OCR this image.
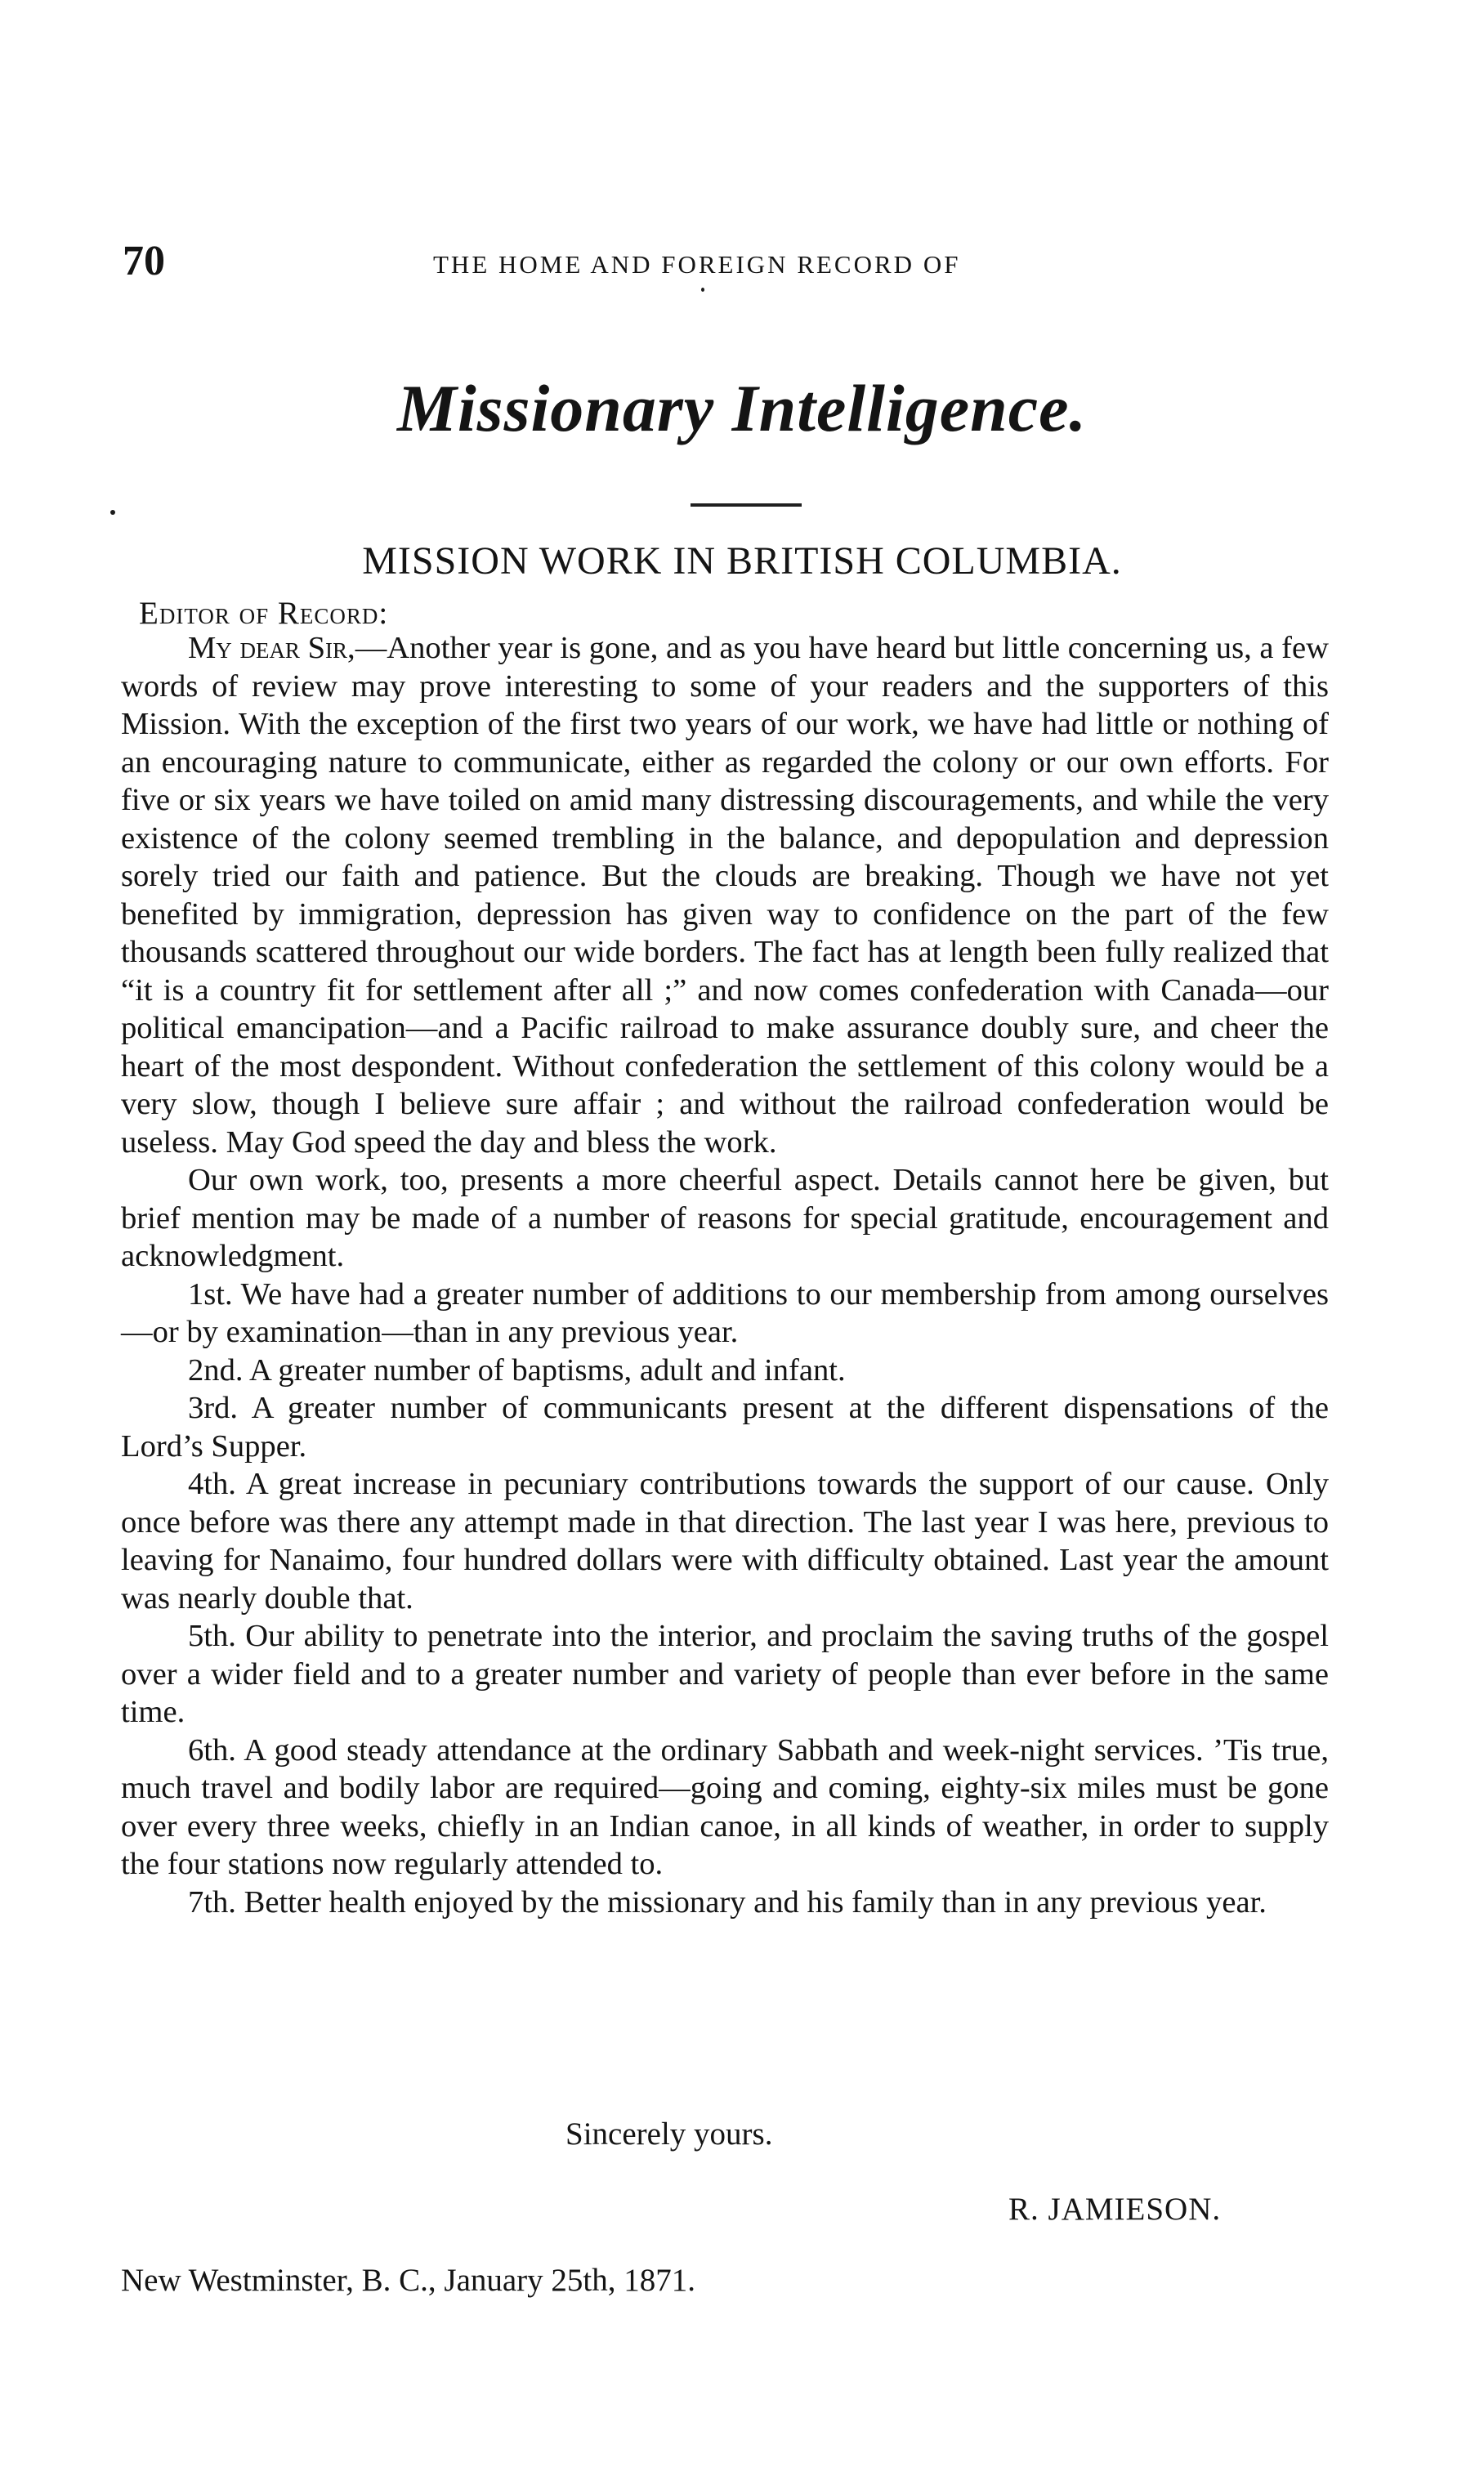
70	THE HOME AND FOREIGN RECORD OF
Missionary Intelligence.
MISSION WORK IN BRITISH COLUMBIA.
Editor of Record:

My dear Sir,—Another year is gone, and as you have heard but little concerning us, a few words of review may prove interesting to some of your readers and the supporters of this Mission. With the exception of the first two years of our work, we have had little or nothing of an encouraging nature to communicate, either as regarded the colony or our own efforts. For five or six years we have toiled on amid many distressing discouragements, and while the very existence of the colony seemed trembling in the balance, and depopulation and depression sorely tried our faith and patience. But the clouds are breaking. Though we have not yet benefited by immigration, depression has given way to confidence on the part of the few thousands scattered throughout our wide borders. The fact has at length been fully realized that “it is a country fit for settlement after all ;” and now comes confederation with Canada—our political emancipation—and a Pacific railroad to make assurance doubly sure, and cheer the heart of the most despondent. Without confederation the settlement of this colony would be a very slow, though I believe sure affair ; and without the railroad confederation would be useless. May God speed the day and bless the work.

Our own work, too, presents a more cheerful aspect. Details cannot here be given, but brief mention may be made of a number of reasons for special gratitude, encouragement and acknowledgment.

1st. We have had a greater number of additions to our membership from among ourselves—or by examination—than in any previous year.

2nd. A greater number of baptisms, adult and infant.

3rd. A greater number of communicants present at the different dispensations of the Lord’s Supper.

4th. A great increase in pecuniary contributions towards the support of our cause. Only once before was there any attempt made in that direction. The last year I was here, previous to leaving for Nanaimo, four hundred dollars were with difficulty obtained. Last year the amount was nearly double that.

5th. Our ability to penetrate into the interior, and proclaim the saving truths of the gospel over a wider field and to a greater number and variety of people than ever before in the same time.

6th. A good steady attendance at the ordinary Sabbath and week-night services. ’Tis true, much travel and bodily labor are required—going and coming, eighty-six miles must be gone over every three weeks, chiefly in an Indian canoe, in all kinds of weather, in order to supply the four stations now regularly attended to.

7th. Better health enjoyed by the missionary and his family than in any previous year.

Sincerely yours.
R. JAMIESON.
New Westminster, B. C., January 25th, 1871.
